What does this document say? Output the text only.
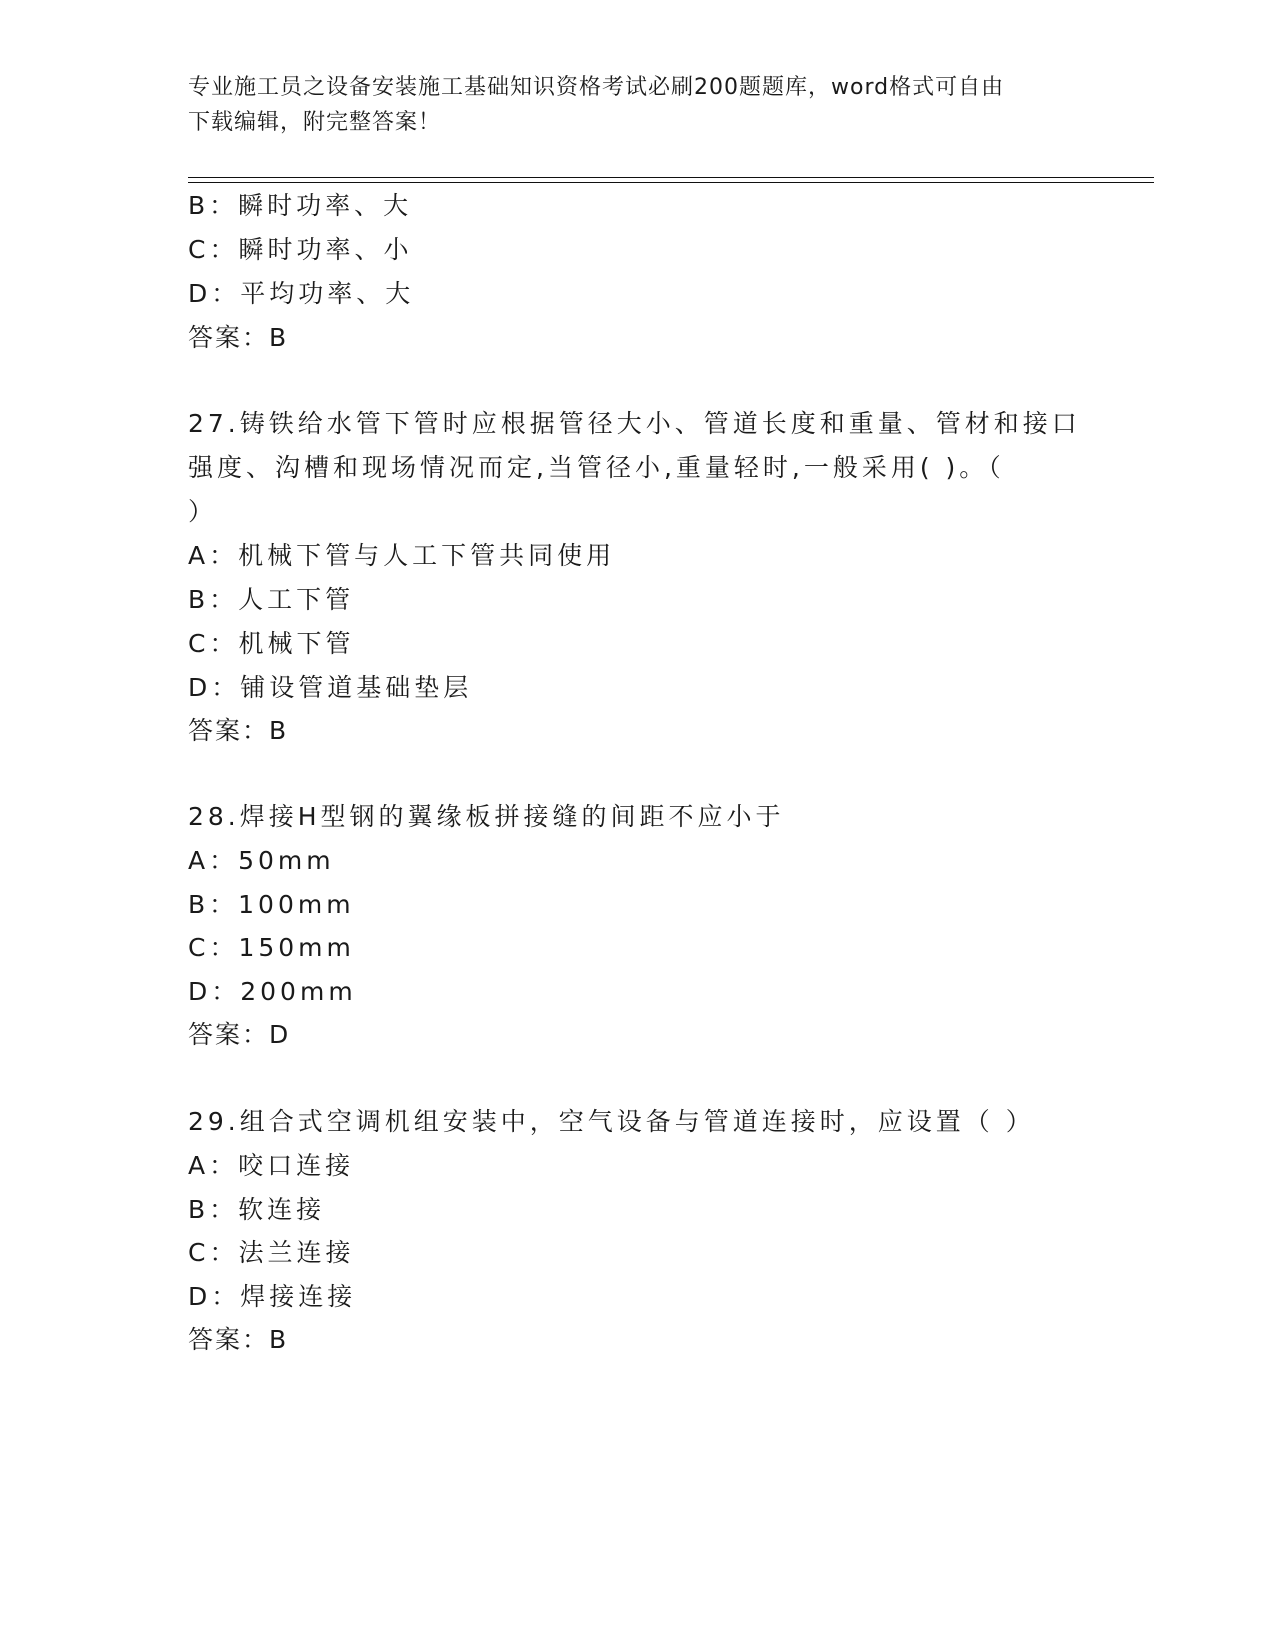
专业施工员之设备安装施工基础知识资格考试必刷200题题库，word格式可自由
下载编辑，附完整答案！
B：瞬时功率、大
C：瞬时功率、小
D：平均功率、大
答案：B
27.铸铁给水管下管时应根据管径大小、管道长度和重量、管材和接口
强度、沟槽和现场情况而定,当管径小,重量轻时,一般采用( )。（
）
A：机械下管与人工下管共同使用
B：人工下管
C：机械下管
D：铺设管道基础垫层
答案：B
28.焊接H型钢的翼缘板拼接缝的间距不应小于
A：50mm
B：100mm
C：150mm
D：200mm
答案：D
29.组合式空调机组安装中，空气设备与管道连接时，应设置（ ）
A：咬口连接
B：软连接
C：法兰连接
D：焊接连接
答案：B
